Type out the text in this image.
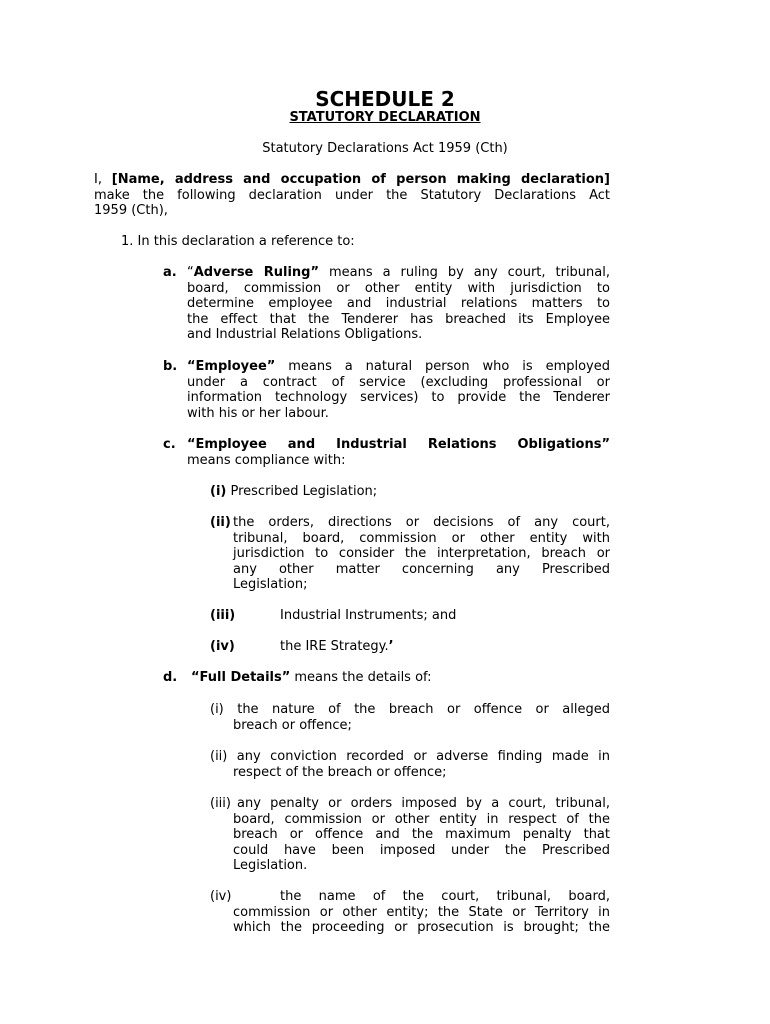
SCHEDULE 2
STATUTORY DECLARATION
Statutory Declarations Act 1959 (Cth)
I, [Name, address and occupation of person making declaration]
make the following declaration under the Statutory Declarations Act
1959 (Cth),
1. In this declaration a reference to:
a. “Adverse Ruling” means a ruling by any court, tribunal,
board, commission or other entity with jurisdiction to
determine employee and industrial relations matters to
the effect that the Tenderer has breached its Employee
and Industrial Relations Obligations.
b. “Employee” means a natural person who is employed
under a contract of service (excluding professional or
information technology services) to provide the Tenderer
with his or her labour.
c. “Employee and Industrial Relations Obligations”
means compliance with:
(i) Prescribed Legislation;
(ii) the orders, directions or decisions of any court,
tribunal, board, commission or other entity with
jurisdiction to consider the interpretation, breach or
any other matter concerning any Prescribed
Legislation;
(iii)	Industrial Instruments; and
(iv)	the IRE Strategy.’
d. “Full Details” means the details of:
(i) the nature of the breach or offence or alleged
breach or offence;
(ii) any conviction recorded or adverse finding made in
respect of the breach or offence;
(iii) any penalty or orders imposed by a court, tribunal,
board, commission or other entity in respect of the
breach or offence and the maximum penalty that
could have been imposed under the Prescribed
Legislation.
(iv)	the name of the court, tribunal, board,
commission or other entity; the State or Territory in
which the proceeding or prosecution is brought; the
